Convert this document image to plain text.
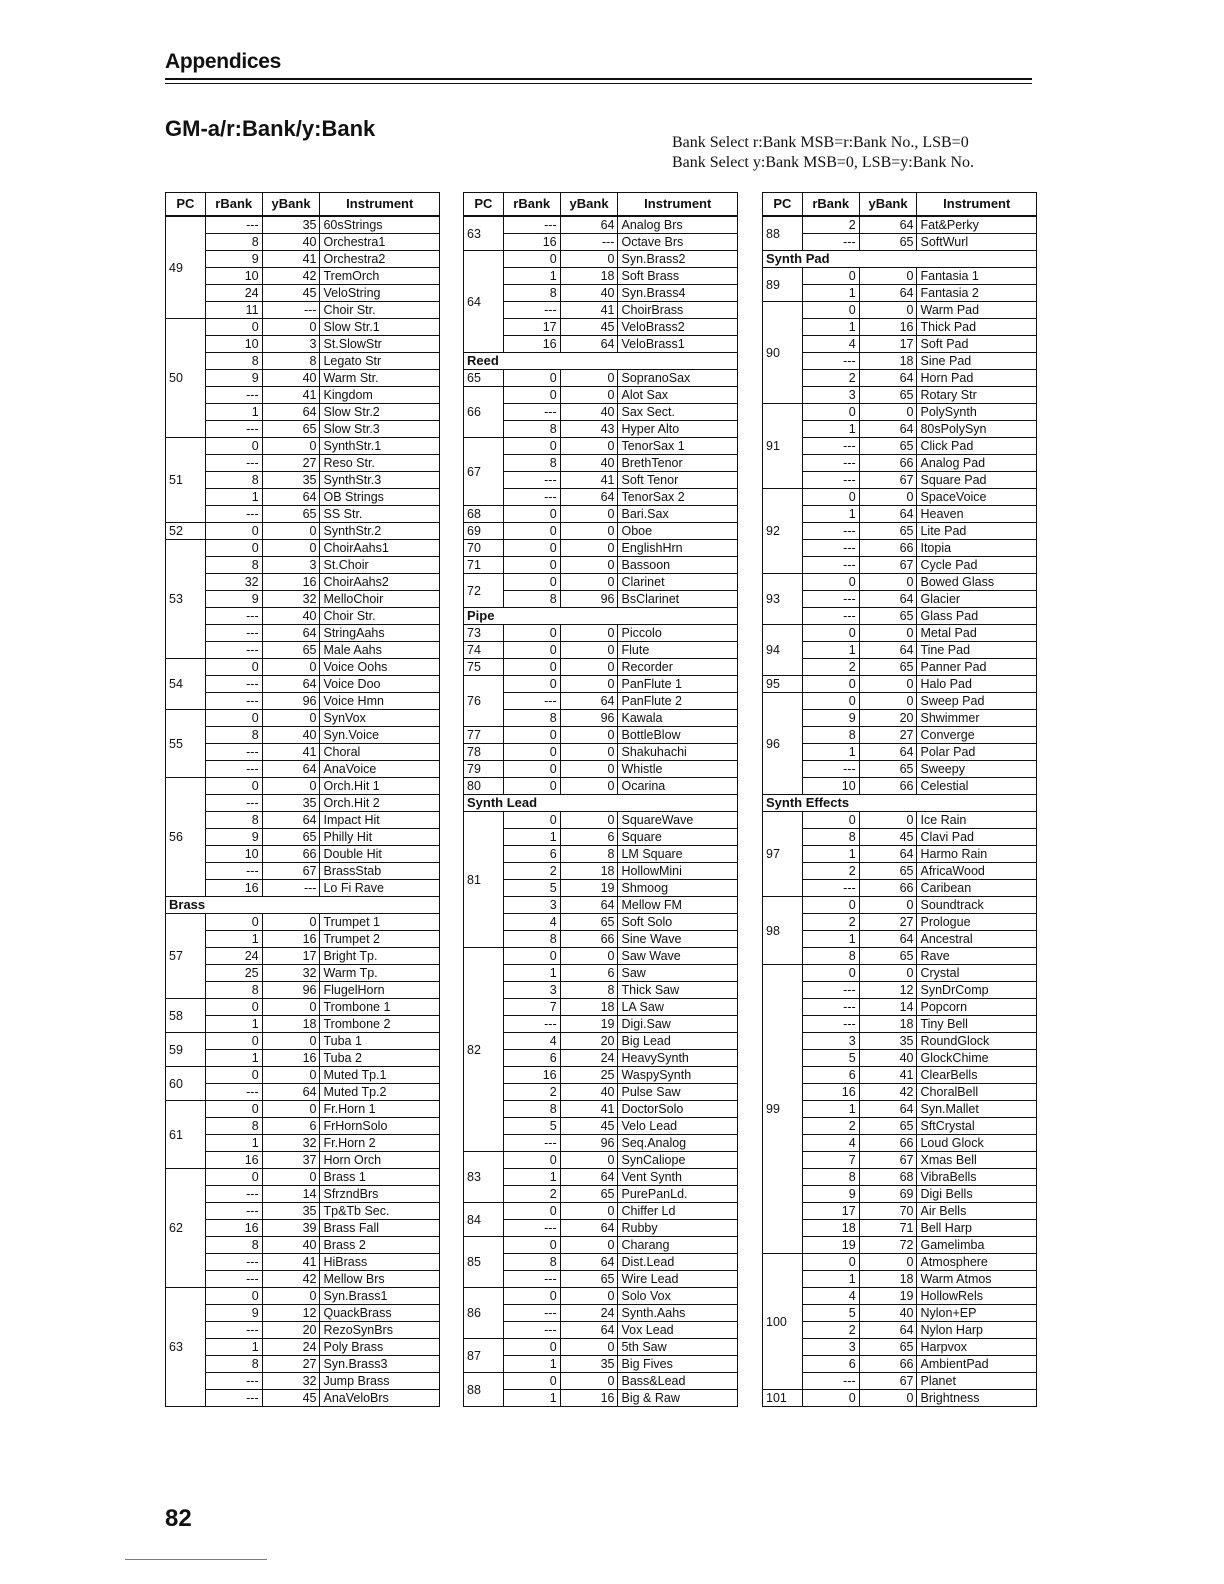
Appendices
GM-a/r:Bank/y:Bank
Bank Select r:Bank MSB=r:Bank No., LSB=0
Bank Select y:Bank MSB=0, LSB=y:Bank No.
PC	rBank	yBank	Instrument
49	---	35	60sStrings
	8	40	Orchestra1
	9	41	Orchestra2
	10	42	TremOrch
	24	45	VeloString
	11	---	Choir Str.
50	0	0	Slow Str.1
	10	3	St.SlowStr
	8	8	Legato Str
	9	40	Warm Str.
	---	41	Kingdom
	1	64	Slow Str.2
	---	65	Slow Str.3
51	0	0	SynthStr.1
	---	27	Reso Str.
	8	35	SynthStr.3
	1	64	OB Strings
	---	65	SS Str.
52	0	0	SynthStr.2
53	0	0	ChoirAahs1
	8	3	St.Choir
	32	16	ChoirAahs2
	9	32	MelloChoir
	---	40	Choir Str.
	---	64	StringAahs
	---	65	Male Aahs
54	0	0	Voice Oohs
	---	64	Voice Doo
	---	96	Voice Hmn
55	0	0	SynVox
	8	40	Syn.Voice
	---	41	Choral
	---	64	AnaVoice
56	0	0	Orch.Hit 1
	---	35	Orch.Hit 2
	8	64	Impact Hit
	9	65	Philly Hit
	10	66	Double Hit
	---	67	BrassStab
	16	---	Lo Fi Rave
Brass			
57	0	0	Trumpet 1
	1	16	Trumpet 2
	24	17	Bright Tp.
	25	32	Warm Tp.
	8	96	FlugelHorn
58	0	0	Trombone 1
	1	18	Trombone 2
59	0	0	Tuba 1
	1	16	Tuba 2
60	0	0	Muted Tp.1
	---	64	Muted Tp.2
61	0	0	Fr.Horn 1
	8	6	FrHornSolo
	1	32	Fr.Horn 2
	16	37	Horn Orch
62	0	0	Brass 1
	---	14	SfrzndBrs
	---	35	Tp&Tb Sec.
	16	39	Brass Fall
	8	40	Brass 2
	---	41	HiBrass
	---	42	Mellow Brs
63	0	0	Syn.Brass1
	9	12	QuackBrass
	---	20	RezoSynBrs
	1	24	Poly Brass
	8	27	Syn.Brass3
	---	32	Jump Brass
	---	45	AnaVeloBrs
PC	rBank	yBank	Instrument
63	---	64	Analog Brs
	16	---	Octave Brs
64	0	0	Syn.Brass2
	1	18	Soft Brass
	8	40	Syn.Brass4
	---	41	ChoirBrass
	17	45	VeloBrass2
	16	64	VeloBrass1
Reed			
65	0	0	SopranoSax
66	0	0	Alot Sax
	---	40	Sax Sect.
	8	43	Hyper Alto
67	0	0	TenorSax 1
	8	40	BrethTenor
	---	41	Soft Tenor
	---	64	TenorSax 2
68	0	0	Bari.Sax
69	0	0	Oboe
70	0	0	EnglishHrn
71	0	0	Bassoon
72	0	0	Clarinet
	8	96	BsClarinet
Pipe			
73	0	0	Piccolo
74	0	0	Flute
75	0	0	Recorder
76	0	0	PanFlute 1
	---	64	PanFlute 2
	8	96	Kawala
77	0	0	BottleBlow
78	0	0	Shakuhachi
79	0	0	Whistle
80	0	0	Ocarina
Synth Lead			
81	0	0	SquareWave
	1	6	Square
	6	8	LM Square
	2	18	HollowMini
	5	19	Shmoog
	3	64	Mellow FM
	4	65	Soft Solo
	8	66	Sine Wave
82	0	0	Saw Wave
	1	6	Saw
	3	8	Thick Saw
	7	18	LA Saw
	---	19	Digi.Saw
	4	20	Big Lead
	6	24	HeavySynth
	16	25	WaspySynth
	2	40	Pulse Saw
	8	41	DoctorSolo
	5	45	Velo Lead
	---	96	Seq.Analog
83	0	0	SynCaliope
	1	64	Vent Synth
	2	65	PurePanLd.
84	0	0	Chiffer Ld
	---	64	Rubby
85	0	0	Charang
	8	64	Dist.Lead
	---	65	Wire Lead
86	0	0	Solo Vox
	---	24	Synth.Aahs
	---	64	Vox Lead
87	0	0	5th Saw
	1	35	Big Fives
88	0	0	Bass&Lead
	1	16	Big & Raw
PC	rBank	yBank	Instrument
88	2	64	Fat&Perky
	---	65	SoftWurl
Synth Pad			
89	0	0	Fantasia 1
	1	64	Fantasia 2
90	0	0	Warm Pad
	1	16	Thick Pad
	4	17	Soft Pad
	---	18	Sine Pad
	2	64	Horn Pad
	3	65	Rotary Str
91	0	0	PolySynth
	1	64	80sPolySyn
	---	65	Click Pad
	---	66	Analog Pad
	---	67	Square Pad
92	0	0	SpaceVoice
	1	64	Heaven
	---	65	Lite Pad
	---	66	Itopia
	---	67	Cycle Pad
93	0	0	Bowed Glass
	---	64	Glacier
	---	65	Glass Pad
94	0	0	Metal Pad
	1	64	Tine Pad
	2	65	Panner Pad
95	0	0	Halo Pad
96	0	0	Sweep Pad
	9	20	Shwimmer
	8	27	Converge
	1	64	Polar Pad
	---	65	Sweepy
	10	66	Celestial
Synth Effects			
97	0	0	Ice Rain
	8	45	Clavi Pad
	1	64	Harmo Rain
	2	65	AfricaWood
	---	66	Caribean
98	0	0	Soundtrack
	2	27	Prologue
	1	64	Ancestral
	8	65	Rave
99	0	0	Crystal
	---	12	SynDrComp
	---	14	Popcorn
	---	18	Tiny Bell
	3	35	RoundGlock
	5	40	GlockChime
	6	41	ClearBells
	16	42	ChoralBell
	1	64	Syn.Mallet
	2	65	SftCrystal
	4	66	Loud Glock
	7	67	Xmas Bell
	8	68	VibraBells
	9	69	Digi Bells
	17	70	Air Bells
	18	71	Bell Harp
	19	72	Gamelimba
100	0	0	Atmosphere
	1	18	Warm Atmos
	4	19	HollowRels
	5	40	Nylon+EP
	2	64	Nylon Harp
	3	65	Harpvox
	6	66	AmbientPad
	---	67	Planet
101	0	0	Brightness
82
